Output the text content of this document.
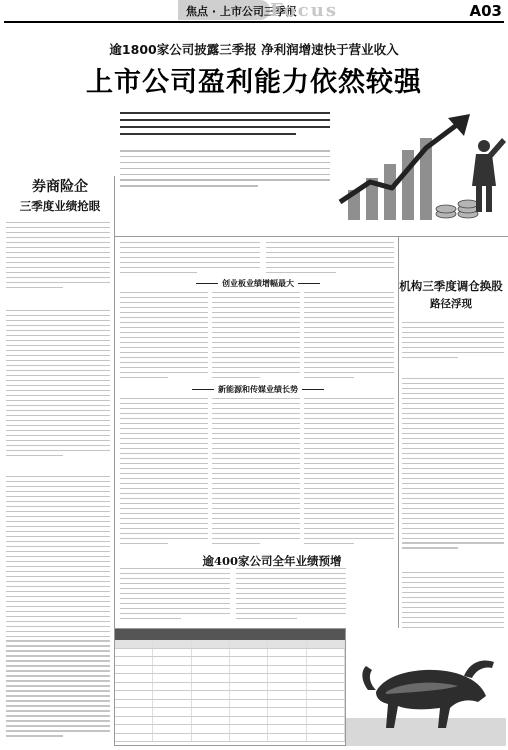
焦点 · 上市公司三季报
Focus	A03
逾1800家公司披露三季报 净利润增速快于营业收入
上市公司盈利能力依然较强
券商险企
三季度业绩抢眼
创业板业绩增幅最大
新能源和传媒业绩长势
逾400家公司全年业绩预增
机构三季度调仓换股
路径浮现
